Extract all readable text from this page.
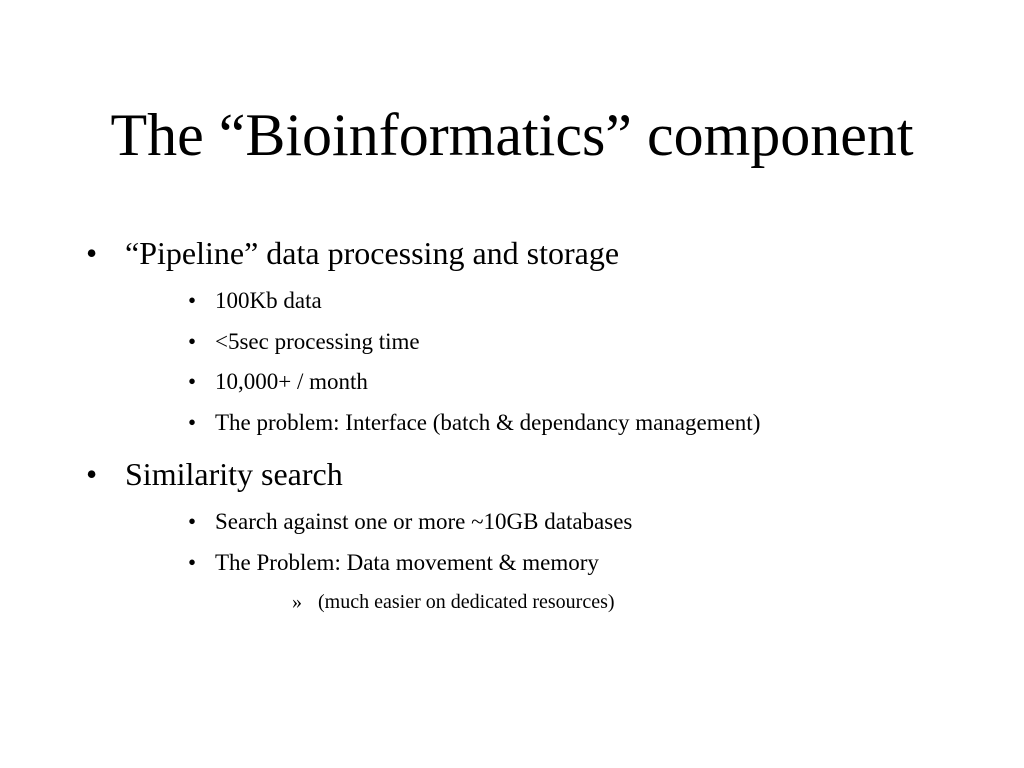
The “Bioinformatics” component
• “Pipeline” data processing and storage
• 100Kb data
• <5sec processing time
• 10,000+ / month
• The problem: Interface (batch & dependancy management)
• Similarity search
• Search against one or more ~10GB databases
• The Problem: Data movement & memory
» (much easier on dedicated resources)
